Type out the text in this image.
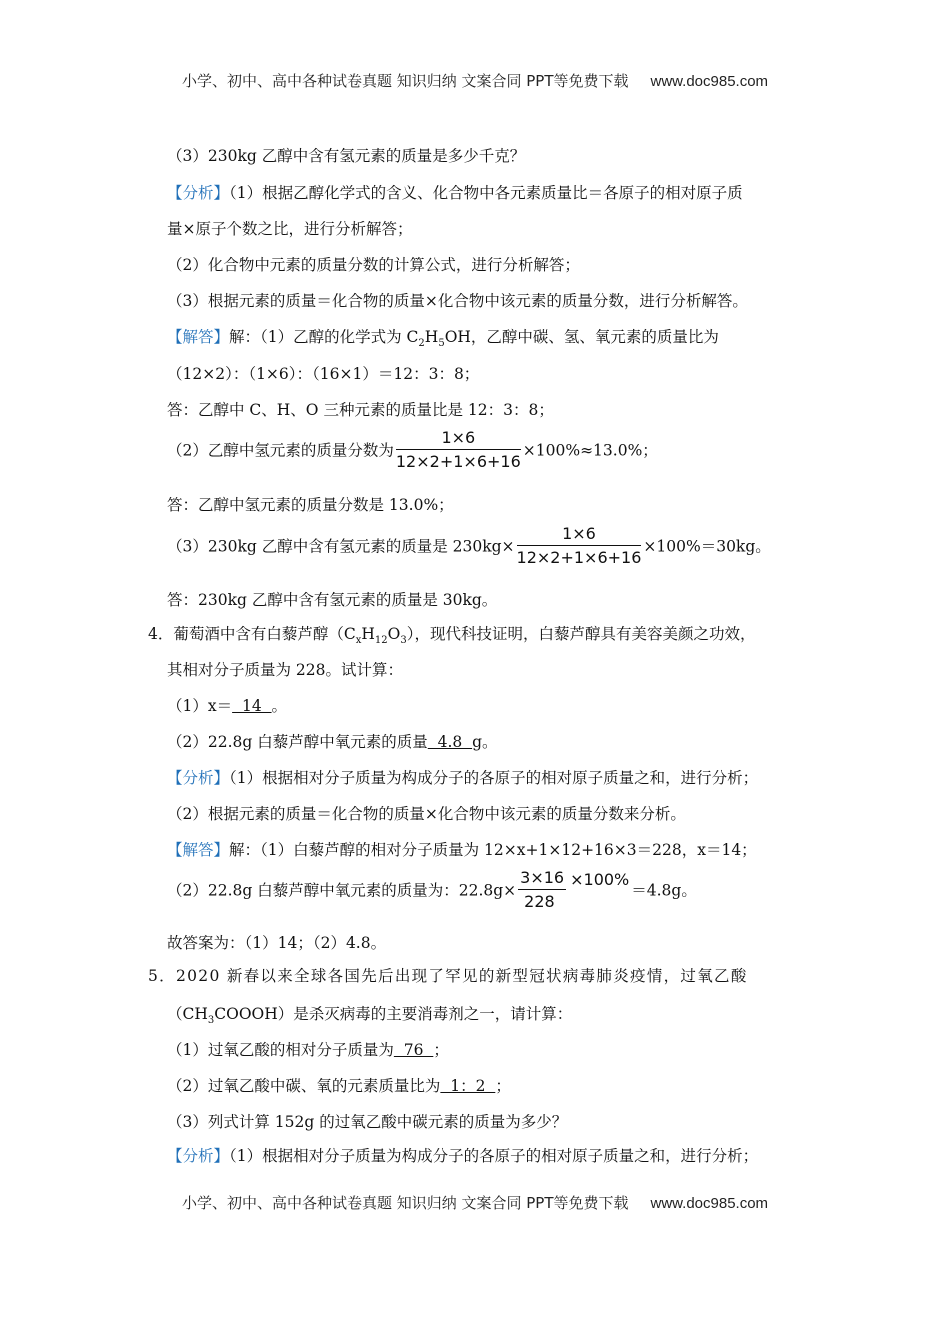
小学、初中、高中各种试卷真题 知识归纳 文案合同 PPT等免费下载 www.doc985.com
（3）230kg 乙醇中含有氢元素的质量是多少千克？
【分析】（1）根据乙醇化学式的含义、化合物中各元素质量比＝各原子的相对原子质
量×原子个数之比，进行分析解答；
（2）化合物中元素的质量分数的计算公式，进行分析解答；
（3）根据元素的质量＝化合物的质量×化合物中该元素的质量分数，进行分析解答。
【解答】解：（1）乙醇的化学式为 $C_2H_5OH$，乙醇中碳、氢、氧元素的质量比为
（12×2）：（1×6）：（16×1）＝12：3：8；
答：乙醇中 C、H、O 三种元素的质量比是 12：3：8；
（2）乙醇中氢元素的质量分数为 $\frac{1\times 6}{12\times 2+1\times 6+16} \times 100\%\approx 13.0\%$；
答：乙醇中氢元素的质量分数是 13.0%；
（3）230kg 乙醇中含有氢元素的质量是 $230kg\times \frac{1\times 6}{12\times 2+1\times 6+16} \times 100\%=30kg$。
答：230kg 乙醇中含有氢元素的质量是 30kg。
4．葡萄酒中含有白藜芦醇$(C_xH_{12}O_3)$，现代科技证明，白藜芦醇具有美容美颜之功效，
其相对分子质量为 228。试计算：
（1）x＝  14  。
（2）22.8g 白藜芦醇中氧元素的质量  4.8  g。
【分析】（1）根据相对分子质量为构成分子的各原子的相对原子质量之和，进行分析；
（2）根据元素的质量＝化合物的质量×化合物中该元素的质量分数来分析。
【解答】解：（1）白藜芦醇的相对分子质量为 12×x+1×12+16×3＝228，x＝14；
（2）22.8g 白藜芦醇中氧元素的质量为：22.8g×3×16 ×100%
228
＝4.8g。
故答案为：（1）14；（2）4.8。
5．2020 新春以来全球各国先后出现了罕见的新型冠状病毒肺炎疫情，过氧乙酸
$(CH_3COOOH)$是杀灭病毒的主要消毒剂之一，请计算：
（1）过氧乙酸的相对分子质量为  76  ；
（2）过氧乙酸中碳、氧的元素质量比为  1：2  ；
（3）列式计算 152g 的过氧乙酸中碳元素的质量为多少？
【分析】（1）根据相对分子质量为构成分子的各原子的相对原子质量之和，进行分析；
小学、初中、高中各种试卷真题 知识归纳 文案合同 PPT等免费下载 www.doc985.com
